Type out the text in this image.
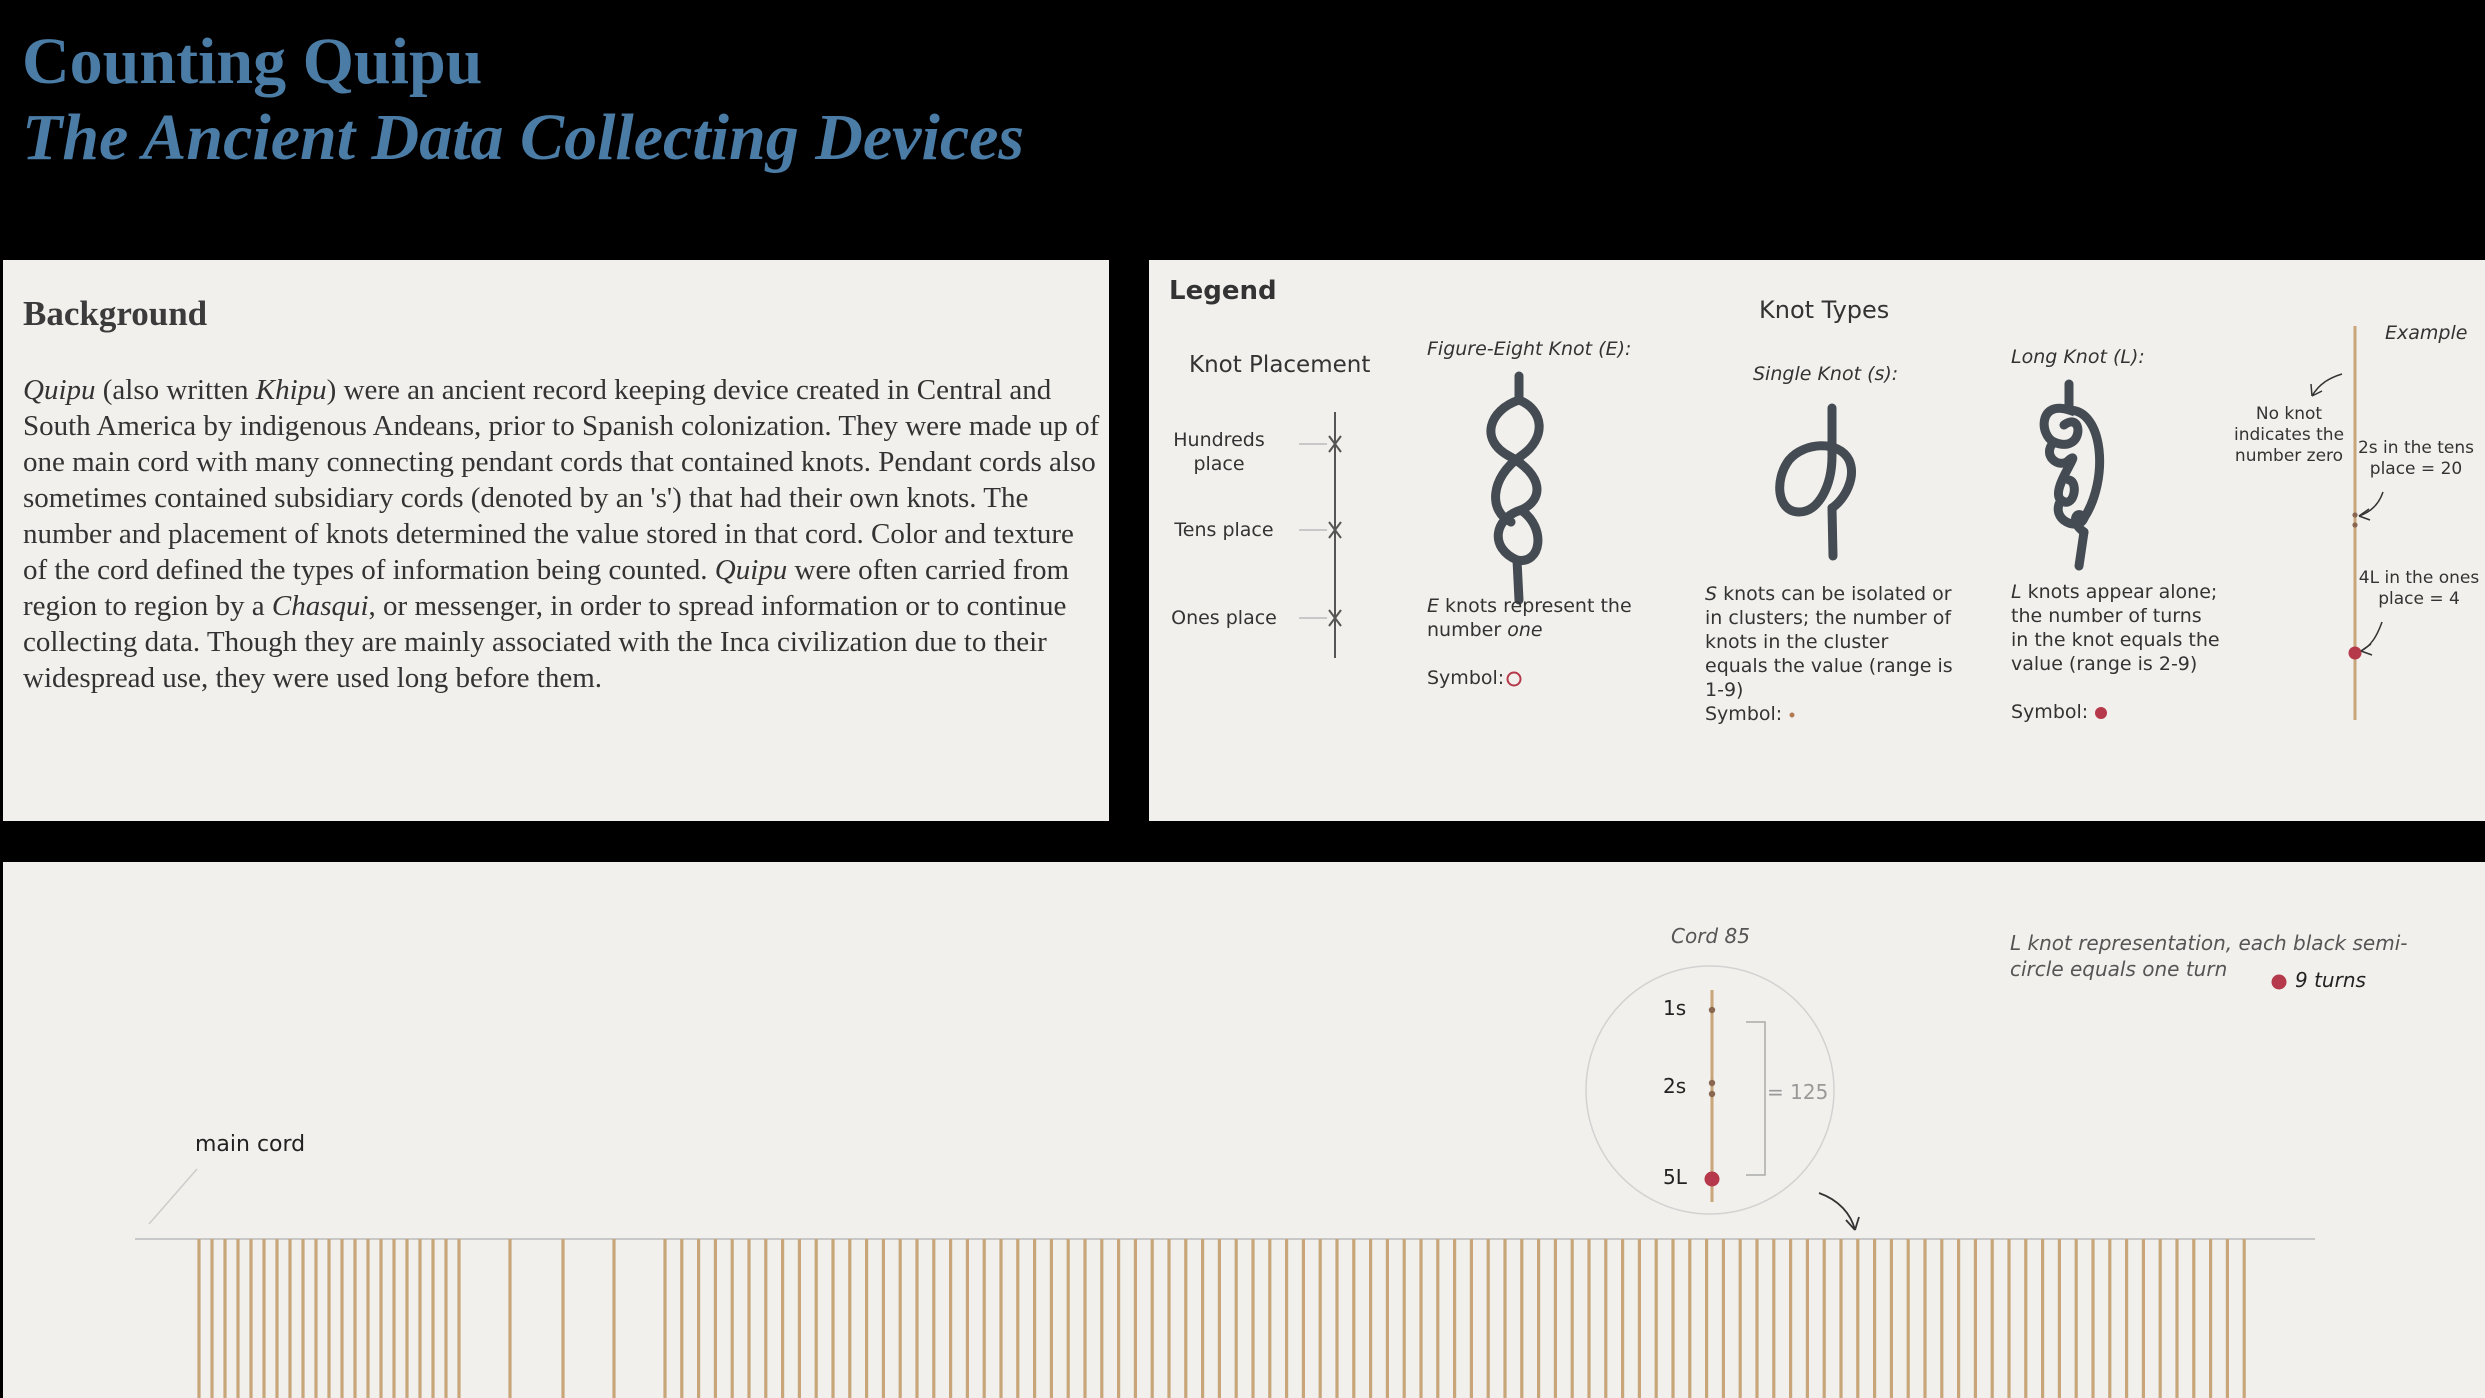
Counting Quipu
The Ancient Data Collecting Devices
Background

Quipu (also written Khipu) were an ancient record keeping device created in Central and South America by indigenous Andeans, prior to Spanish colonization. They were made up of one main cord with many connecting pendant cords that contained knots. Pendant cords also sometimes contained subsidiary cords (denoted by an 's') that had their own knots. The number and placement of knots determined the value stored in that cord. Color and texture of the cord defined the types of information being counted. Quipu were often carried from region to region by a Chasqui, or messenger, in order to spread information or to continue collecting data. Though they are mainly associated with the Inca civilization due to their widespread use, they were used long before them.

Legend
Knot Placement
Hundreds place
Tens place
Ones place
Knot Types
Figure-Eight Knot (E):
E knots represent the number one
Symbol:
Single Knot (s):
S knots can be isolated or in clusters; the number of knots in the cluster equals the value (range is 1-9)
Symbol:
Long Knot (L):
L knots appear alone; the number of turns in the knot equals the value (range is 2-9)
Symbol:
Example
No knot indicates the number zero 2s in the tens place = 20
4L in the ones place = 4
main cord
Cord 85
1s
2s
5L
= 125
L knot representation, each black semi-circle equals one turn	9 turns
